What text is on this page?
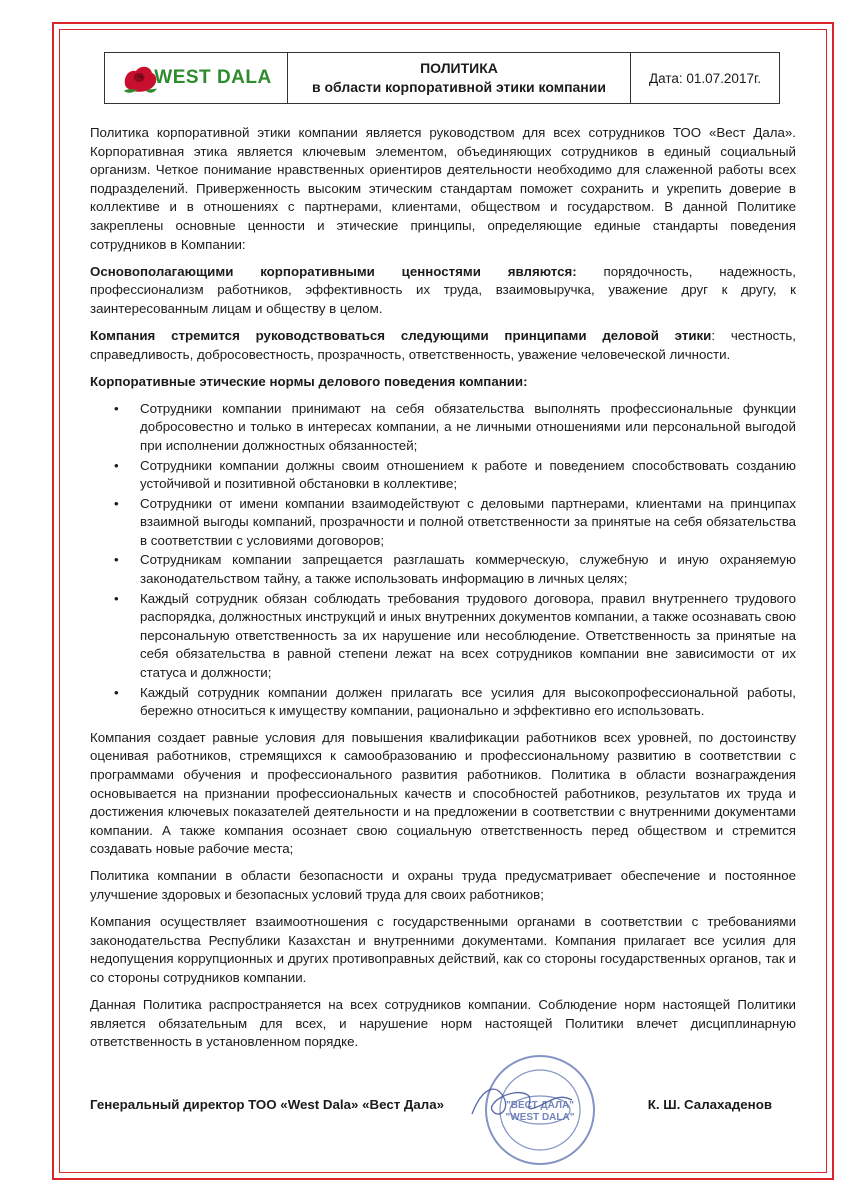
WEST DALA	ПОЛИТИКА
в области корпоративной этики компании
Дата: 01.07.2017г.

Политика корпоративной этики компании является руководством для всех сотрудников ТОО «Вест Дала». Корпоративная этика является ключевым элементом, объединяющих сотрудников в единый социальный организм. Четкое понимание нравственных ориентиров деятельности необходимо для слаженной работы всех подразделений. Приверженность высоким этическим стандартам поможет сохранить и укрепить доверие в коллективе и в отношениях с партнерами, клиентами, обществом и государством. В данной Политике закреплены основные ценности и этические принципы, определяющие единые стандарты поведения сотрудников в Компании:

Основополагающими корпоративными ценностями являются: порядочность, надежность, профессионализм работников, эффективность их труда, взаимовыручка, уважение друг к другу, к заинтересованным лицам и обществу в целом.

Компания стремится руководствоваться следующими принципами деловой этики: честность, справедливость, добросовестность, прозрачность, ответственность, уважение человеческой личности.

Корпоративные этические нормы делового поведения компании:

• Сотрудники компании принимают на себя обязательства выполнять профессиональные функции добросовестно и только в интересах компании, а не личными отношениями или персональной выгодой при исполнении должностных обязанностей;
• Сотрудники компании должны своим отношением к работе и поведением способствовать созданию устойчивой и позитивной обстановки в коллективе;
• Сотрудники от имени компании взаимодействуют с деловыми партнерами, клиентами на принципах взаимной выгоды компаний, прозрачности и полной ответственности за принятые на себя обязательства в соответствии с условиями договоров;
• Сотрудникам компании запрещается разглашать коммерческую, служебную и иную охраняемую законодательством тайну, а также использовать информацию в личных целях;
• Каждый сотрудник обязан соблюдать требования трудового договора, правил внутреннего трудового распорядка, должностных инструкций и иных внутренних документов компании, а также осознавать свою персональную ответственность за их нарушение или несоблюдение. Ответственность за принятые на себя обязательства в равной степени лежат на всех сотрудников компании вне зависимости от их статуса и должности;
• Каждый сотрудник компании должен прилагать все усилия для высокопрофессиональной работы, бережно относиться к имуществу компании, рационально и эффективно его использовать.

Компания создает равные условия для повышения квалификации работников всех уровней, по достоинству оценивая работников, стремящихся к самообразованию и профессиональному развитию в соответствии с программами обучения и профессионального развития работников. Политика в области вознаграждения основывается на признании профессиональных качеств и способностей работников, результатов их труда и достижения ключевых показателей деятельности и на предложении в соответствии с внутренними документами компании. А также компания осознает свою социальную ответственность перед обществом и стремится создавать новые рабочие места;

Политика компании в области безопасности и охраны труда предусматривает обеспечение и постоянное улучшение здоровых и безопасных условий труда для своих работников;

Компания осуществляет взаимоотношения с государственными органами в соответствии с требованиями законодательства Республики Казахстан и внутренними документами. Компания прилагает все усилия для недопущения коррупционных и других противоправных действий, как со стороны государственных органов, так и со стороны сотрудников компании.

Данная Политика распространяется на всех сотрудников компании. Соблюдение норм настоящей Политики является обязательным для всех, и нарушение норм настоящей Политики влечет дисциплинарную ответственность в установленном порядке.

"ВЕСТ ДАЛА"
"WEST DALA"
Генеральный директор ТОО «West Dala» «Вест Дала»	К. Ш. Салахаденов
